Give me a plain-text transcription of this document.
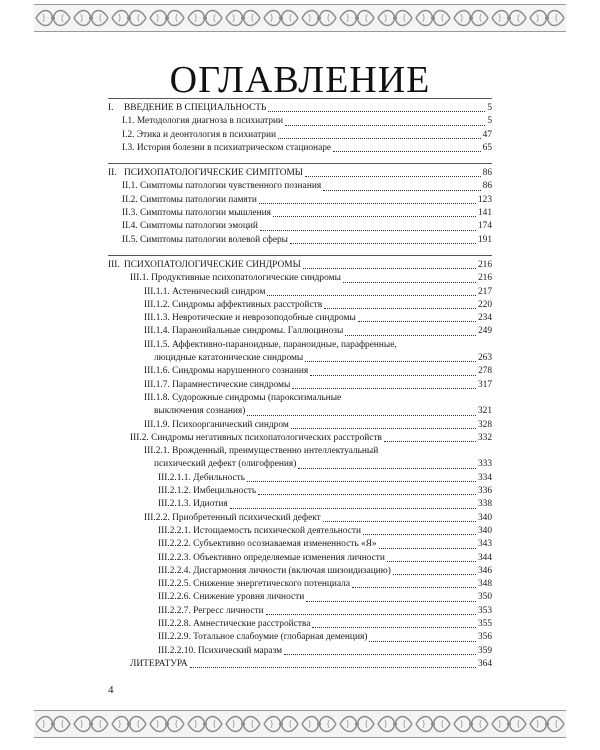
ОГЛАВЛЕНИЕ
I.	ВВЕДЕНИЕ В СПЕЦИАЛЬНОСТЬ	5
I.1. Методология диагноза в психиатрии	5
I.2. Этика и деонтология в психиатрии	47
I.3. История болезни в психиатрическом стационаре	65
II. ПСИХОПАТОЛОГИЧЕСКИЕ СИМПТОМЫ	86
II.1. Симптомы патологии чувственного познания	86
II.2. Симптомы патологии памяти	123
II.3. Симптомы патологии мышления	141
II.4. Симптомы патологии эмоций	174
II.5. Симптомы патологии волевой сферы	191
III. ПСИХОПАТОЛОГИЧЕСКИЕ СИНДРОМЫ	216
III.1. Продуктивные психопатологические синдромы	216
III.1.1. Астенический синдром	217
III.1.2. Синдромы аффективных расстройств	220
III.1.3. Невротические и неврозоподобные синдромы	234
III.1.4. Параноийальные синдромы. Галлюцинозы	249
III.1.5. Аффективно-параноидные, параноидные, парафренные,
люцидные кататонические синдромы	263
III.1.6. Синдромы нарушенного сознания	278
III.1.7. Парамнестические синдромы	317
III.1.8. Судорожные синдромы (пароксизмальные
выключения сознания)	321
III.1.9. Психоорганический синдром	328
III.2. Синдромы негативных психопатологических расстройств	332
III.2.1. Врожденный, преимущественно интеллектуальный
психический дефект (олигофрения)	333
III.2.1.1. Дебильность	334
III.2.1.2. Имбецильность	336
III.2.1.3. Идиотия	338
III.2.2. Приобретенный психический дефект	340
III.2.2.1. Истощаемость психической деятельности	340
III.2.2.2. Субъективно осознаваемая измененность «Я»	343
III.2.2.3. Объективно определяемые изменения личности	344
III.2.2.4. Дисгармония личности (включая шизоидизацию)	346
III.2.2.5. Снижение энергетического потенциала	348
III.2.2.6. Снижение уровня личности	350
III.2.2.7. Регресс личности	353
III.2.2.8. Амнестические расстройства	355
III.2.2.9. Тотальное слабоумие (глобарная деменция)	356
III.2.2.10. Психический маразм	359
ЛИТЕРАТУРА	364
4
